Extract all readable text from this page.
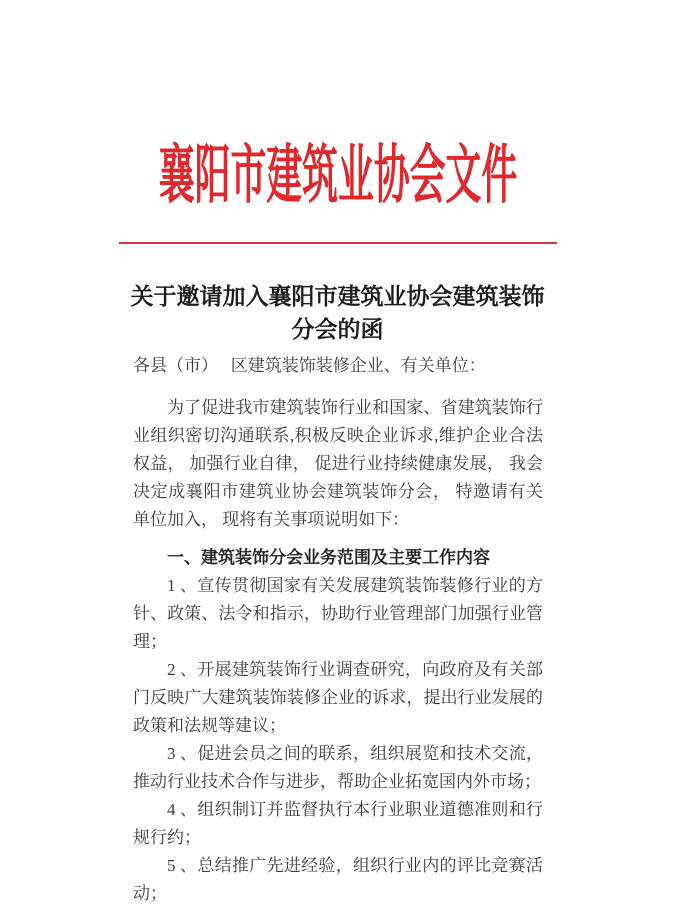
襄阳市建筑业协会文件
关于邀请加入襄阳市建筑业协会建筑装饰
分会的函
各县（市）　 区建筑装饰装修企业、有关单位：

为了促进我市建筑装饰行业和国家、省建筑装饰行业组织密切沟通联系,积极反映企业诉求,维护企业合法权益， 加强行业自律， 促进行业持续健康发展， 我会决定成襄阳市建筑业协会建筑装饰分会， 特邀请有关单位加入， 现将有关事项说明如下：

一、建筑装饰分会业务范围及主要工作内容

1 、宣传贯彻国家有关发展建筑装饰装修行业的方针、政策、法令和指示，协助行业管理部门加强行业管理；

2 、开展建筑装饰行业调查研究，向政府及有关部门反映广大建筑装饰装修企业的诉求，提出行业发展的政策和法规等建议；

3 、促进会员之间的联系，组织展览和技术交流，推动行业技术合作与进步，帮助企业拓宽国内外市场；

4 、组织制订并监督执行本行业职业道德准则和行规行约；

5 、总结推广先进经验，组织行业内的评比竞赛活动；
